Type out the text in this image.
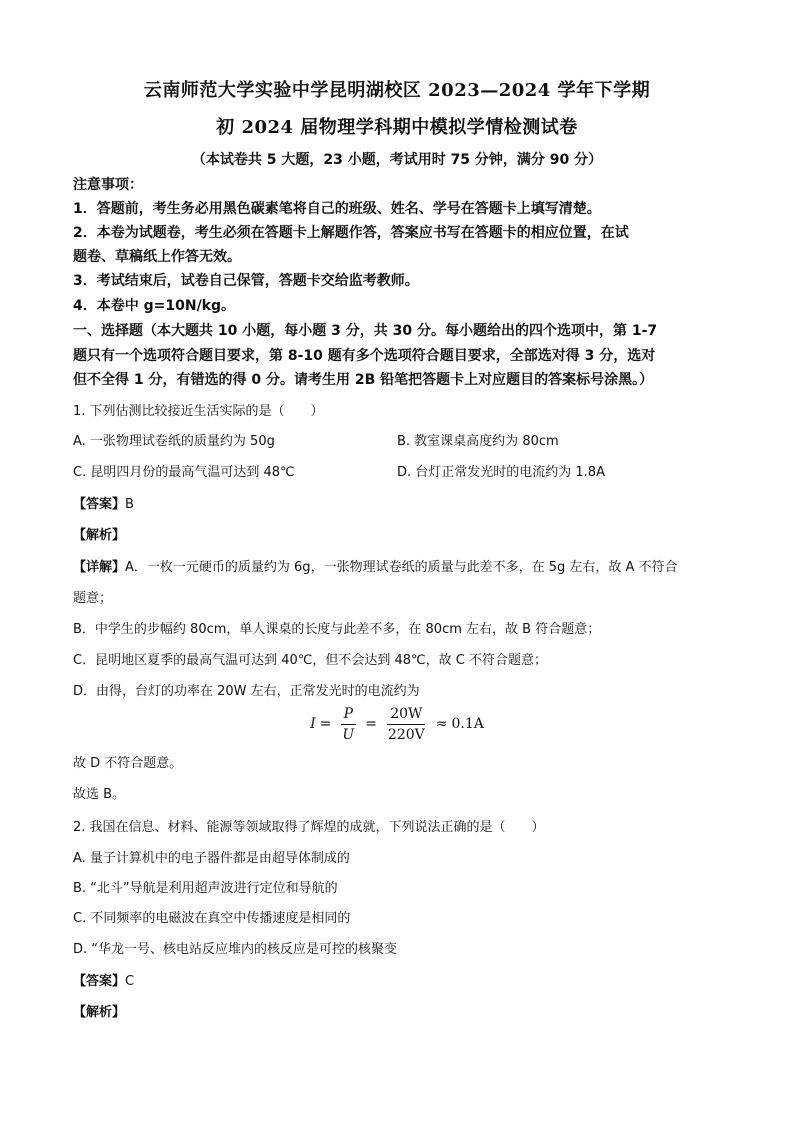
云南师范大学实验中学昆明湖校区 2023—2024 学年下学期
初 2024 届物理学科期中模拟学情检测试卷
（本试卷共 5 大题，23 小题，考试用时 75 分钟，满分 90 分）
注意事项：
1．答题前，考生务必用黑色碳素笔将自己的班级、姓名、学号在答题卡上填写清楚。
2．本卷为试题卷，考生必须在答题卡上解题作答，答案应书写在答题卡的相应位置，在试
题卷、草稿纸上作答无效。
3．考试结束后，试卷自己保管，答题卡交给监考教师。
4．本卷中 g=10N/kg。
一、选择题（本大题共 10 小题，每小题 3 分，共 30 分。每小题给出的四个选项中，第 1-7
题只有一个选项符合题目要求，第 8-10 题有多个选项符合题目要求，全部选对得 3 分，选对
但不全得 1 分，有错选的得 0 分。请考生用 2B 铅笔把答题卡上对应题目的答案标号涂黑。）
1. 下列估测比较接近生活实际的是（　　）
A. 一张物理试卷纸的质量约为 50g	B. 教室课桌高度约为 80cm
C. 昆明四月份的最高气温可达到 48℃	D. 台灯正常发光时的电流约为 1.8A
【答案】B
【解析】
【详解】A．一枚一元硬币的质量约为 6g，一张物理试卷纸的质量与此差不多，在 5g 左右，故 A 不符合
题意；
B．中学生的步幅约 80cm，单人课桌的长度与此差不多，在 80cm 左右，故 B 符合题意；
C．昆明地区夏季的最高气温可达到 40℃，但不会达到 48℃，故 C 不符合题意；
D．由得，台灯的功率在 20W 左右，正常发光时的电流约为
$I = \frac{P}{U} = \frac{20W}{220V} \approx 0.1A$
故 D 不符合题意。
故选 B。
2. 我国在信息、材料、能源等领域取得了辉煌的成就，下列说法正确的是（　　）
A. 量子计算机中的电子器件都是由超导体制成的
B. “北斗”导航是利用超声波进行定位和导航的
C. 不同频率的电磁波在真空中传播速度是相同的
D. “华龙一号、核电站反应堆内的核反应是可控的核聚变
【答案】C
【解析】
